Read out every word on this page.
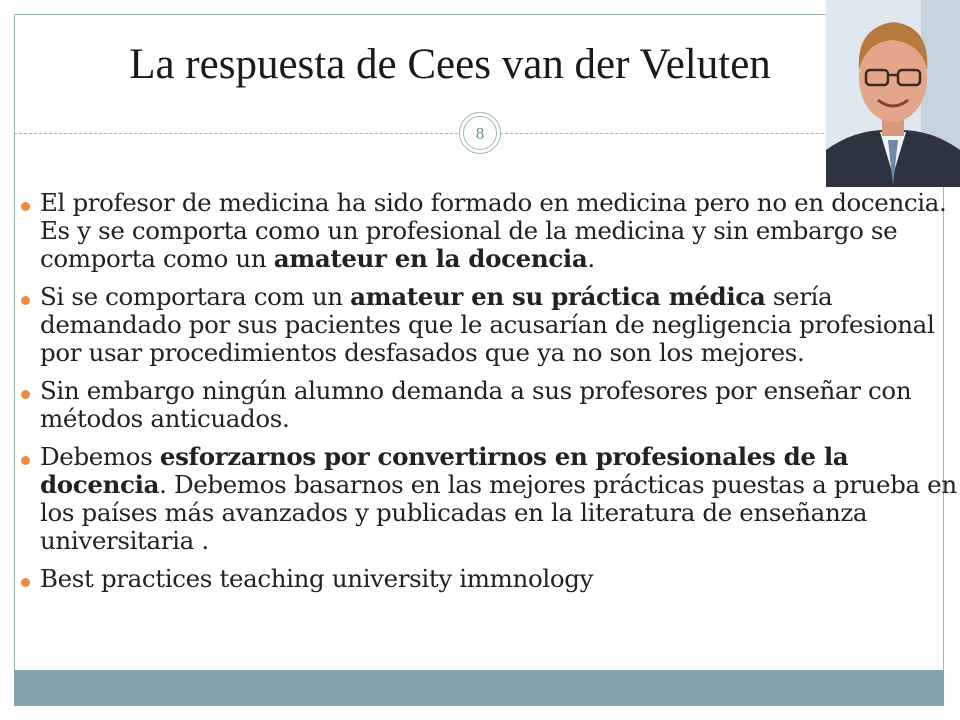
La respuesta de Cees van der Veluten
8

El profesor de medicina ha sido formado en medicina pero no en docencia. Es y se comporta como un profesional de la medicina y sin embargo se comporta como un amateur en la docencia.

Si se comportara com un amateur en su práctica médica sería demandado por sus pacientes que le acusarían de negligencia profesional por usar procedimientos desfasados que ya no son los mejores.

Sin embargo ningún alumno demanda a sus profesores por enseñar con métodos anticuados.

Debemos esforzarnos por convertirnos en profesionales de la docencia. Debemos basarnos en las mejores prácticas puestas a prueba en los países más avanzados y publicadas en la literatura de enseñanza universitaria .

Best practices teaching university immnology
